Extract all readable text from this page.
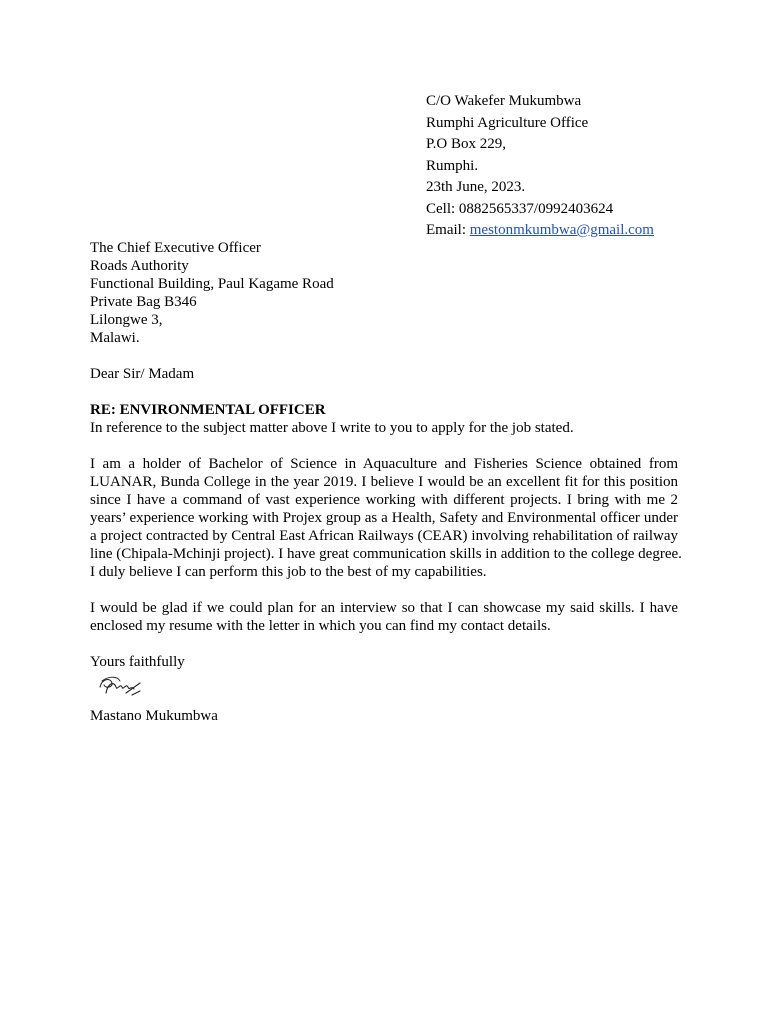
C/O Wakefer Mukumbwa
Rumphi Agriculture Office
P.O Box 229,
Rumphi.
23th June, 2023.
Cell: 0882565337/0992403624
Email: mestonmkumbwa@gmail.com
The Chief Executive Officer
Roads Authority
Functional Building, Paul Kagame Road
Private Bag B346
Lilongwe 3,
Malawi.
Dear Sir/ Madam
RE: ENVIRONMENTAL OFFICER
In reference to the subject matter above I write to you to apply for the job stated.
I am a holder of Bachelor of Science in Aquaculture and Fisheries Science obtained from
LUANAR, Bunda College in the year 2019. I believe I would be an excellent fit for this position
since I have a command of vast experience working with different projects. I bring with me 2
years’ experience working with Projex group as a Health, Safety and Environmental officer under
a project contracted by Central East African Railways (CEAR) involving rehabilitation of railway
line (Chipala-Mchinji project). I have great communication skills in addition to the college degree.
I duly believe I can perform this job to the best of my capabilities.
I would be glad if we could plan for an interview so that I can showcase my said skills. I have
enclosed my resume with the letter in which you can find my contact details.
Yours faithfully
Mastano Mukumbwa
